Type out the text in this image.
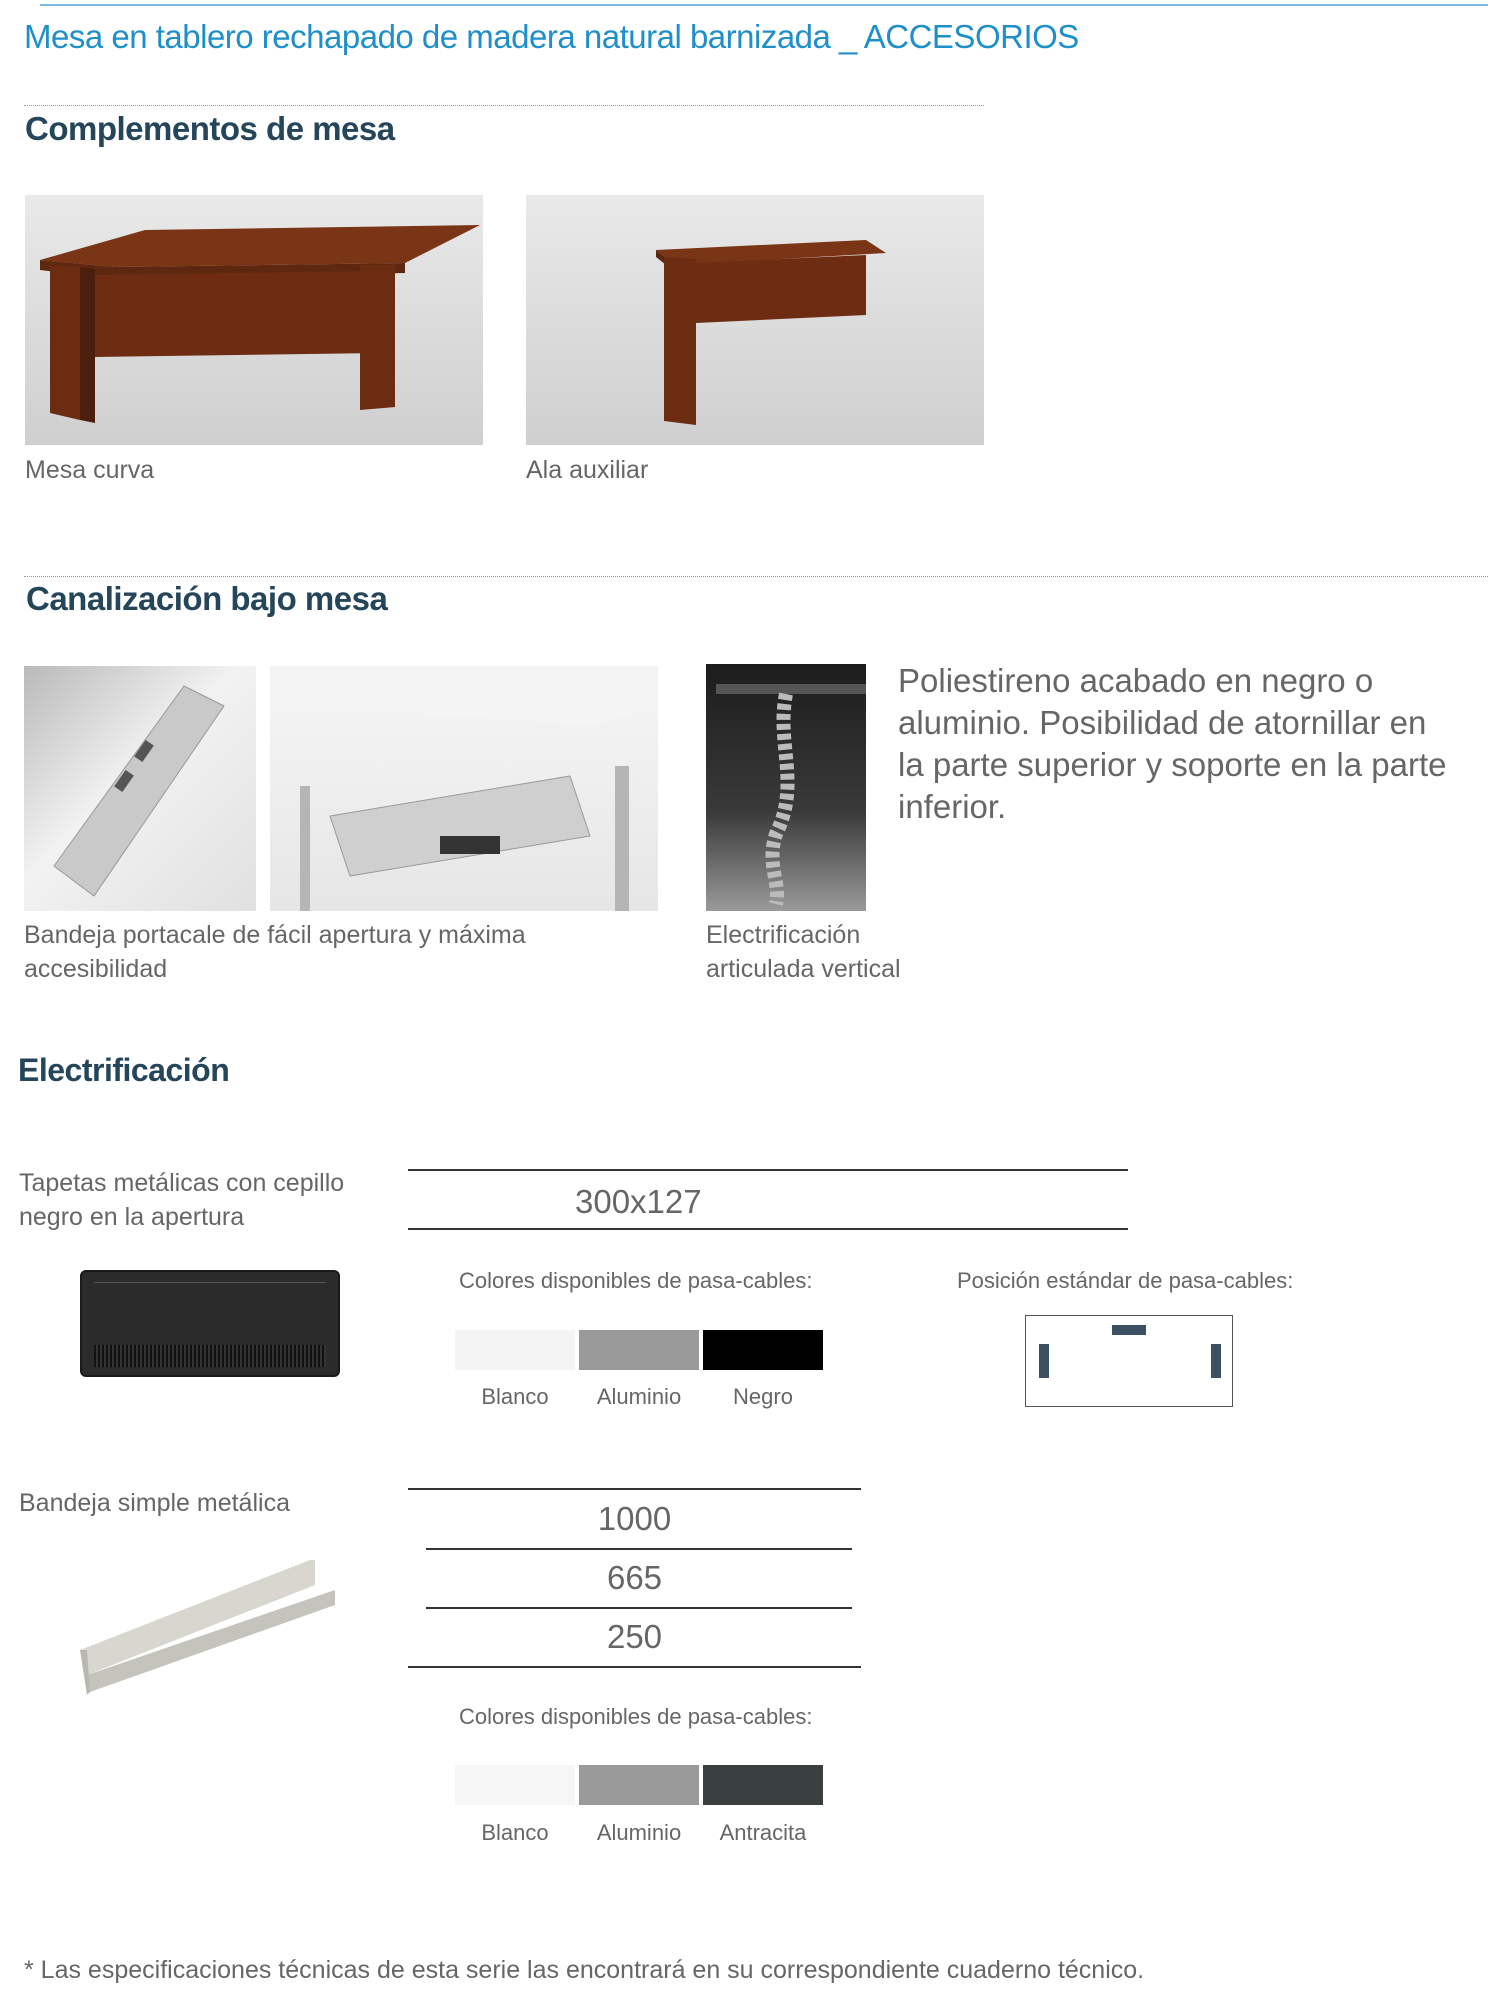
Mesa en tablero rechapado de madera natural barnizada _ ACCESORIOS
Complementos de mesa
Mesa curva	Ala auxiliar
Canalización bajo mesa
Bandeja portacale de fácil apertura y máxima
accesibilidad
Electrificación
articulada vertical
Poliestireno acabado en negro o
aluminio. Posibilidad de atornillar en
la parte superior y soporte en la parte
inferior.
Electrificación
Tapetas metálicas con cepillo
negro en la apertura	300x127
Colores disponibles de pasa-cables:
Blanco	Aluminio	Negro
Posición estándar de pasa-cables:
Bandeja simple metálica	1000
665
250
Colores disponibles de pasa-cables:
Blanco	Aluminio	Antracita
* Las especificaciones técnicas de esta serie las encontrará en su correspondiente cuaderno técnico.
